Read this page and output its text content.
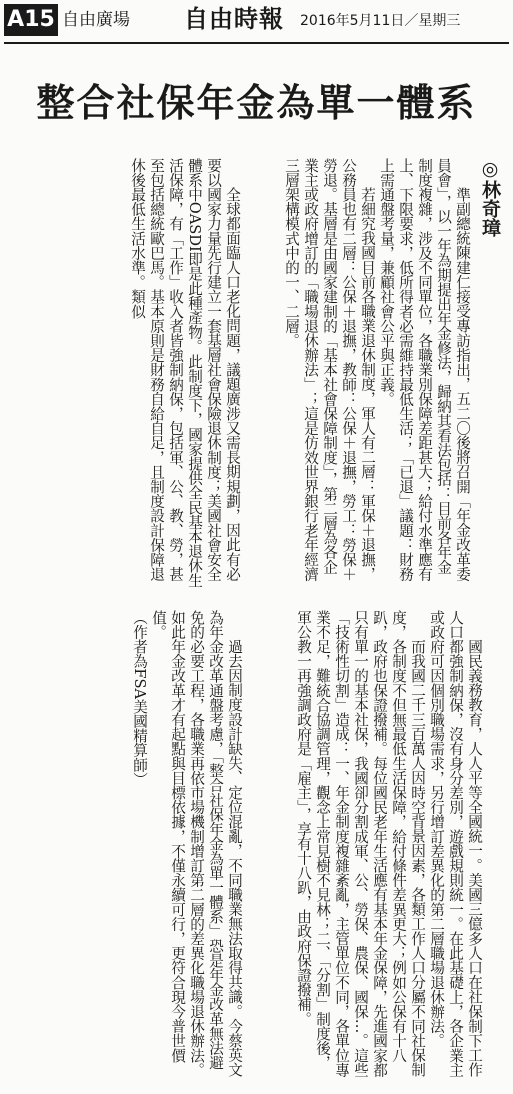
A15 自由廣場 自由時報 2016年5月11日／星期三
整合社保年金為單一體系
◎林奇璋

準副總統陳建仁接受專訪指出，五二〇後將召開「年金改革委員會」，以一年為期提出年金修法，歸納其看法包括：目前各年金制度複雜，涉及不同單位，各職業別保障差距甚大；給付水準應有上、下限要求，低所得者必需維持最低生活；「已退」議題：財務上需通盤考量，兼顧社會公平與正義。

若細究我國目前各職業退休制度，軍人有二層：軍保＋退撫，公務員也有二層：公保＋退撫，教師：公保＋退撫，勞工：勞保＋勞退。基層是由國家建制的「基本社會保障制度」，第二層為各企業主或政府增訂的「職場退休辦法」；這是仿效世界銀行老年經濟三層架構模式中的一、二層。

全球都面臨人口老化問題，議題廣涉又需長期規劃，因此有必要以國家力量先行建立一套基層社會保險退休制度；美國社會安全體系中OASDI即是此種產物。此制度下，國家提供全民基本退休生活保障，有「工作」收入者皆強制納保，包括軍、公、教、勞，甚至包括總統歐巴馬。基本原則是財務自給自足，且制度設計保障退休後最低生活水準。類似

國民義務教育，人人平等全國統一。美國三億多人口在社保制下工作人口都強制納保，沒有身分差別，遊戲規則統一。在此基礎上，各企業主或政府可因個別職場需求，另行增訂差異化的第二層職場退休辦法。

而我國二千三百萬人因時空背景因素，各類工作人口分屬不同社保制度，各制度不但無最低生活保障，給付條件差異更大；例如公保有十八趴，政府也保證撥補。每位國民老年生活應有基本年金保障，先進國家都只有單一的基本社保，我國卻分割成軍、公、勞保、農保、國保…。這些「技術性切割」造成：一、年金制度複雜紊亂，主管單位不同，各單位專業不足，難統合協調管理，觀念上常見樹不見林；二、「分割」制度後，軍公教一再強調政府是「雇主」，享有十八趴，由政府保證撥補。

過去因制度設計缺失、定位混亂，不同職業無法取得共識。今蔡英文為年金改革通盤考慮，「整合社保年金為單一體系」恐是年金改革無法避免的必要工程，各職業再依市場機制增訂第二層的差異化職場退休辦法。如此年金改革才有起點與目標依據，不僅永續可行，更符合現今普世價值。

（作者為FSA美國精算師）
